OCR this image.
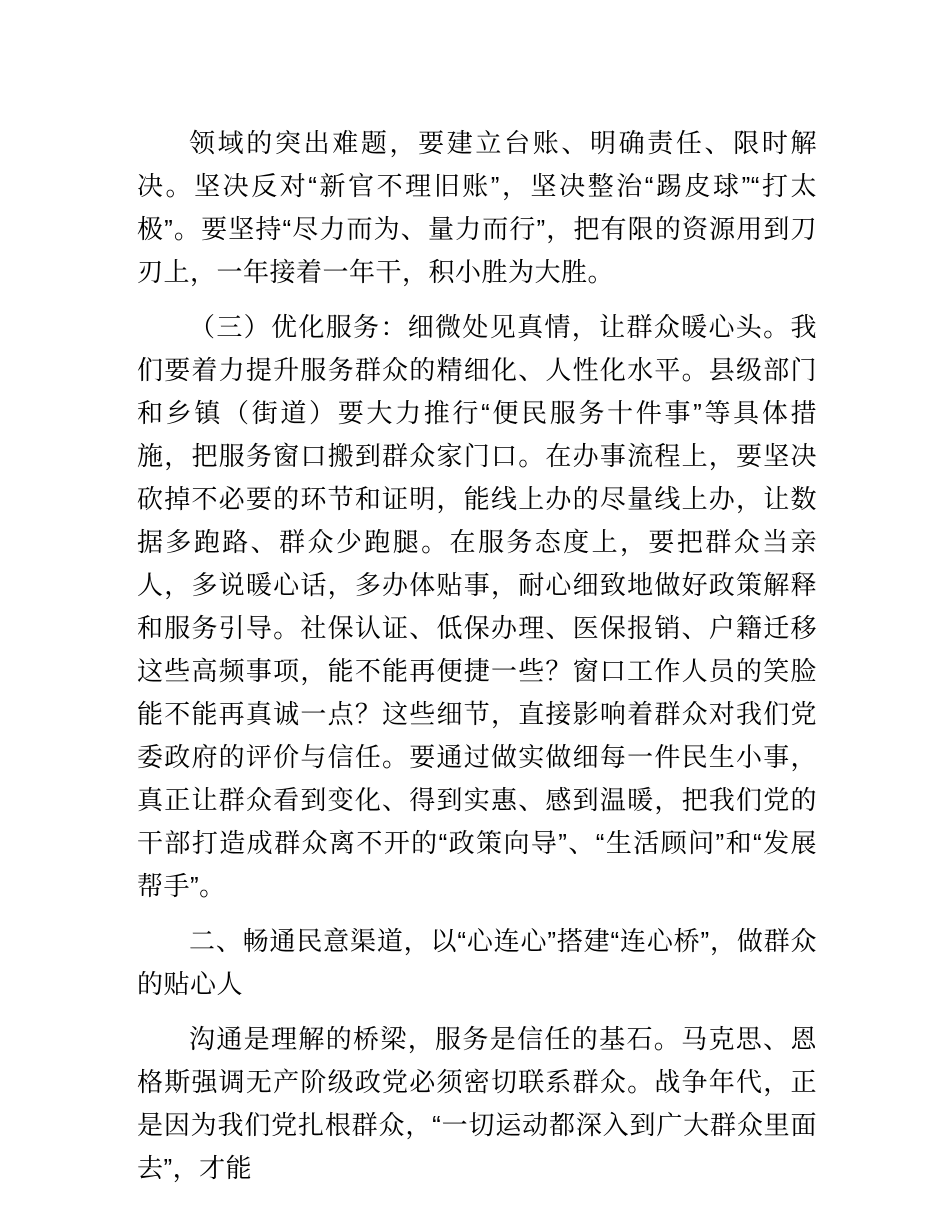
领域的突出难题，要建立台账、明确责任、限时解决。坚决反对“新官不理旧账”，坚决整治“踢皮球”“打太极”。要坚持“尽力而为、量力而行”，把有限的资源用到刀刃上，一年接着一年干，积小胜为大胜。

（三）优化服务：细微处见真情，让群众暖心头。我们要着力提升服务群众的精细化、人性化水平。县级部门和乡镇（街道）要大力推行“便民服务十件事”等具体措施，把服务窗口搬到群众家门口。在办事流程上，要坚决砍掉不必要的环节和证明，能线上办的尽量线上办，让数据多跑路、群众少跑腿。在服务态度上，要把群众当亲人，多说暖心话，多办体贴事，耐心细致地做好政策解释和服务引导。社保认证、低保办理、医保报销、户籍迁移这些高频事项，能不能再便捷一些？窗口工作人员的笑脸能不能再真诚一点？这些细节，直接影响着群众对我们党委政府的评价与信任。要通过做实做细每一件民生小事，真正让群众看到变化、得到实惠、感到温暖，把我们党的干部打造成群众离不开的“政策向导”、“生活顾问”和“发展帮手”。

二、畅通民意渠道，以“心连心”搭建“连心桥”，做群众的贴心人

沟通是理解的桥梁，服务是信任的基石。马克思、恩格斯强调无产阶级政党必须密切联系群众。战争年代，正是因为我们党扎根群众，“一切运动都深入到广大群众里面去”，才能
